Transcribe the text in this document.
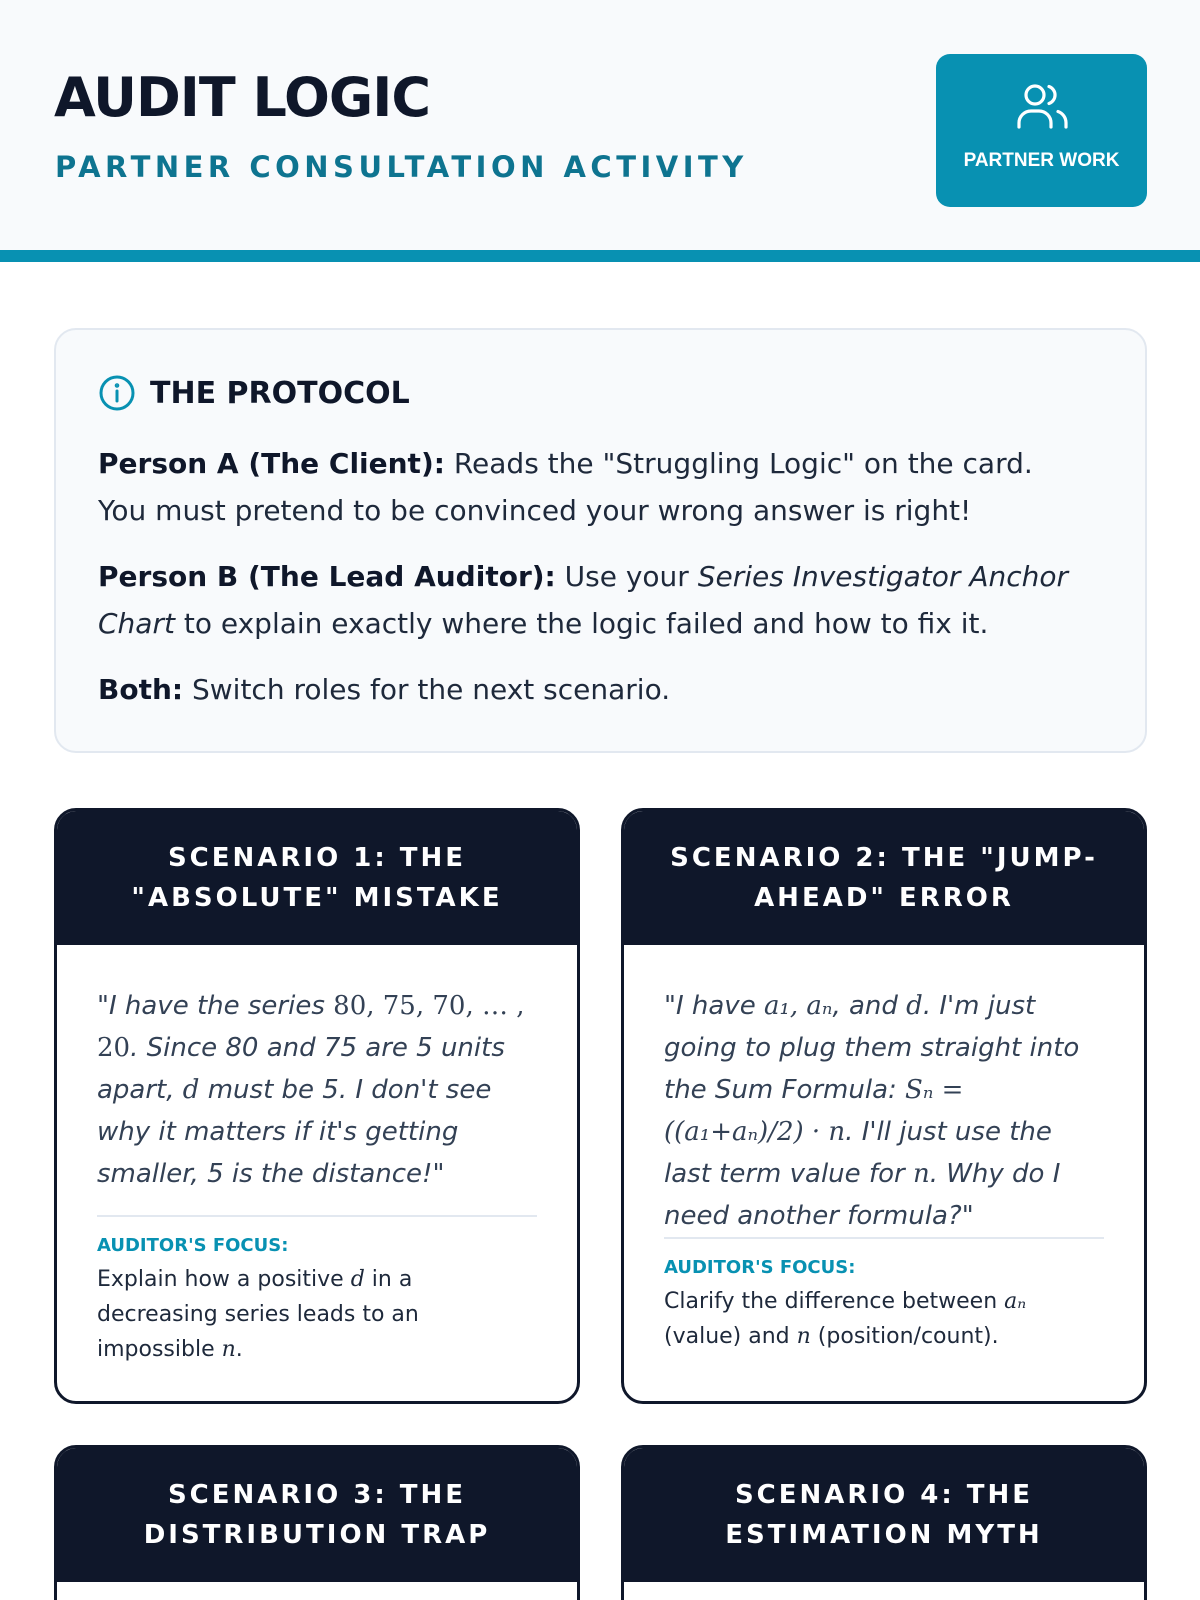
AUDIT LOGIC
PARTNER CONSULTATION ACTIVITY	PARTNER WORK
THE PROTOCOL

Person A (The Client): Reads the "Struggling Logic" on the card. You must pretend to be convinced your wrong answer is right!

Person B (The Lead Auditor): Use your Series Investigator Anchor Chart to explain exactly where the logic failed and how to fix it.

Both: Switch roles for the next scenario.

SCENARIO 1: THE "ABSOLUTE" MISTAKE
"I have the series 80, 75, 70, … , 20. Since 80 and 75 are 5 units apart, d must be 5. I don't see why it matters if it's getting smaller, 5 is the distance!"
AUDITOR'S FOCUS:
Explain how a positive d in a decreasing series leads to an impossible n.
SCENARIO 2: THE "JUMP-AHEAD" ERROR
"I have a₁, aₙ, and d. I'm just going to plug them straight into the Sum Formula: Sₙ = ((a₁+aₙ)/2) · n. I'll just use the last term value for n. Why do I need another formula?"
AUDITOR'S FOCUS:
Clarify the difference between aₙ (value) and n (position/count).
SCENARIO 3: THE DISTRIBUTION TRAP
SCENARIO 4: THE ESTIMATION MYTH
